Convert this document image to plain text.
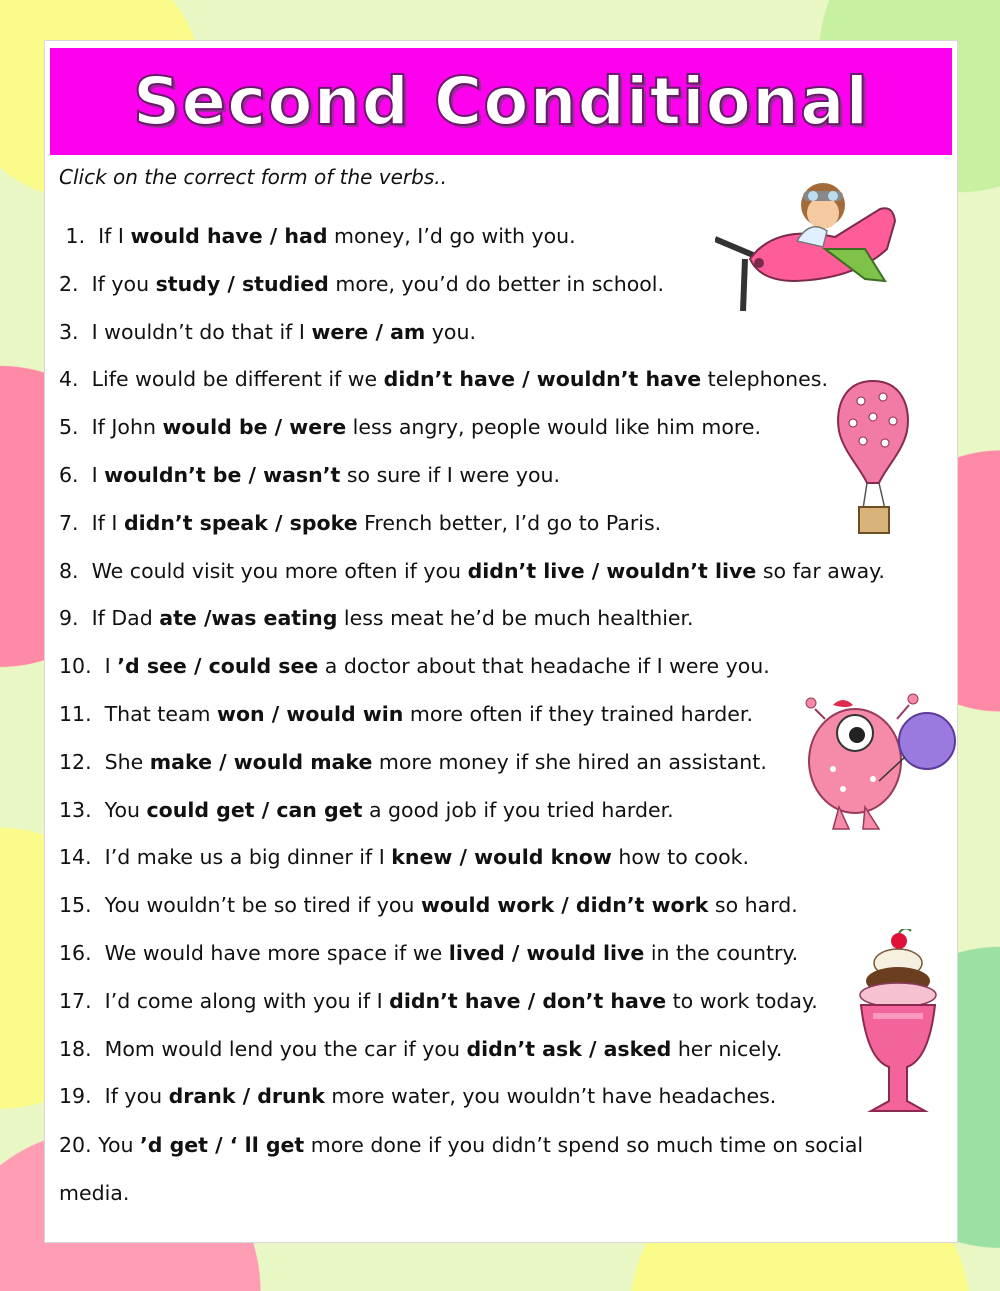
Second Conditional
Click on the correct form of the verbs..
1. If I would have / had money, I’d go with you.
2. If you study / studied more, you’d do better in school.
3. I wouldn’t do that if I were / am you.
4. Life would be different if we didn’t have / wouldn’t have telephones.
5. If John would be / were less angry, people would like him more.
6. I wouldn’t be / wasn’t so sure if I were you.
7. If I didn’t speak / spoke French better, I’d go to Paris.
8. We could visit you more often if you didn’t live / wouldn’t live so far away.
9. If Dad ate /was eating less meat he’d be much healthier.
10. I ’d see / could see a doctor about that headache if I were you.
11. That team won / would win more often if they trained harder.
12. She make / would make more money if she hired an assistant.
13. You could get / can get a good job if you tried harder.
14. I’d make us a big dinner if I knew / would know how to cook.
15. You wouldn’t be so tired if you would work / didn’t work so hard.
16. We would have more space if we lived / would live in the country.
17. I’d come along with you if I didn’t have / don’t have to work today.
18. Mom would lend you the car if you didn’t ask / asked her nicely.
19. If you drank / drunk more water, you wouldn’t have headaches.
20. You ’d get / ‘ ll get more done if you didn’t spend so much time on social media.
